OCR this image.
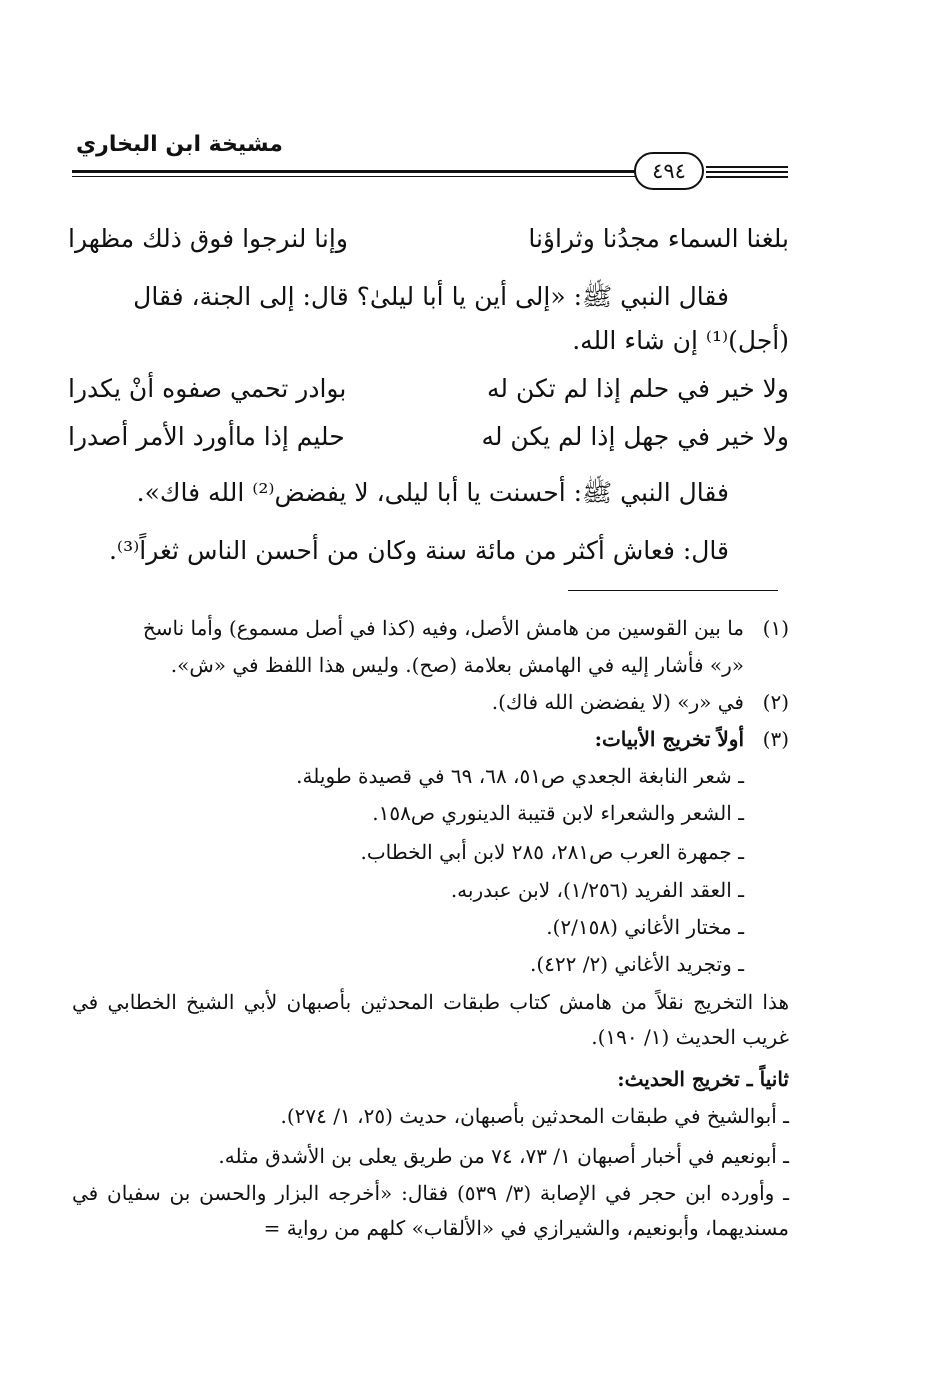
مشيخة ابن البخاري
٤٩٤
بلغنا السماء مجدُنا وثراؤنا
وإنا لنرجوا فوق ذلك مظهرا
فقال النبي ﷺ: «إلى أين يا أبا ليلىٰ؟ قال: إلى الجنة، فقال
(أجل)⁽¹⁾ إن شاء الله.
ولا خير في حلم إذا لم تكن له
بوادر تحمي صفوه أنْ يكدرا
ولا خير في جهل إذا لم يكن له
حليم إذا ماأورد الأمر أصدرا
فقال النبي ﷺ: أحسنت يا أبا ليلى، لا يفضض⁽²⁾ الله فاك».
قال: فعاش أكثر من مائة سنة وكان من أحسن الناس ثغراً⁽³⁾.
(١)
ما بين القوسين من هامش الأصل، وفيه (كذا في أصل مسموع) وأما ناسخ
«ر» فأشار إليه في الهامش بعلامة (صح). وليس هذا اللفظ في «ش».
(٢)
في «ر» (لا يفضضن الله فاك).
(٣)
أولاً تخريج الأبيات:
ـ شعر النابغة الجعدي ص٥١، ٦٨، ٦٩ في قصيدة طويلة.
ـ الشعر والشعراء لابن قتيبة الدينوري ص١٥٨.
ـ جمهرة العرب ص٢٨١، ٢٨٥ لابن أبي الخطاب.
ـ العقد الفريد (١/٢٥٦)، لابن عبدربه.
ـ مختار الأغاني (٢/١٥٨).
ـ وتجريد الأغاني (٢/ ٤٢٢).
هذا التخريج نقلاً من هامش كتاب طبقات المحدثين بأصبهان لأبي الشيخ الخطابي في غريب الحديث (١/ ١٩٠).
ثانياً ـ تخريج الحديث:
ـ أبوالشيخ في طبقات المحدثين بأصبهان، حديث (٢٥، ١/ ٢٧٤).
ـ أبونعيم في أخبار أصبهان ١/ ٧٣، ٧٤ من طريق يعلى بن الأشدق مثله.
ـ وأورده ابن حجر في الإصابة (٣/ ٥٣٩) فقال: «أخرجه البزار والحسن بن سفيان في مسنديهما، وأبونعيم، والشيرازي في «الألقاب» كلهم من رواية =
